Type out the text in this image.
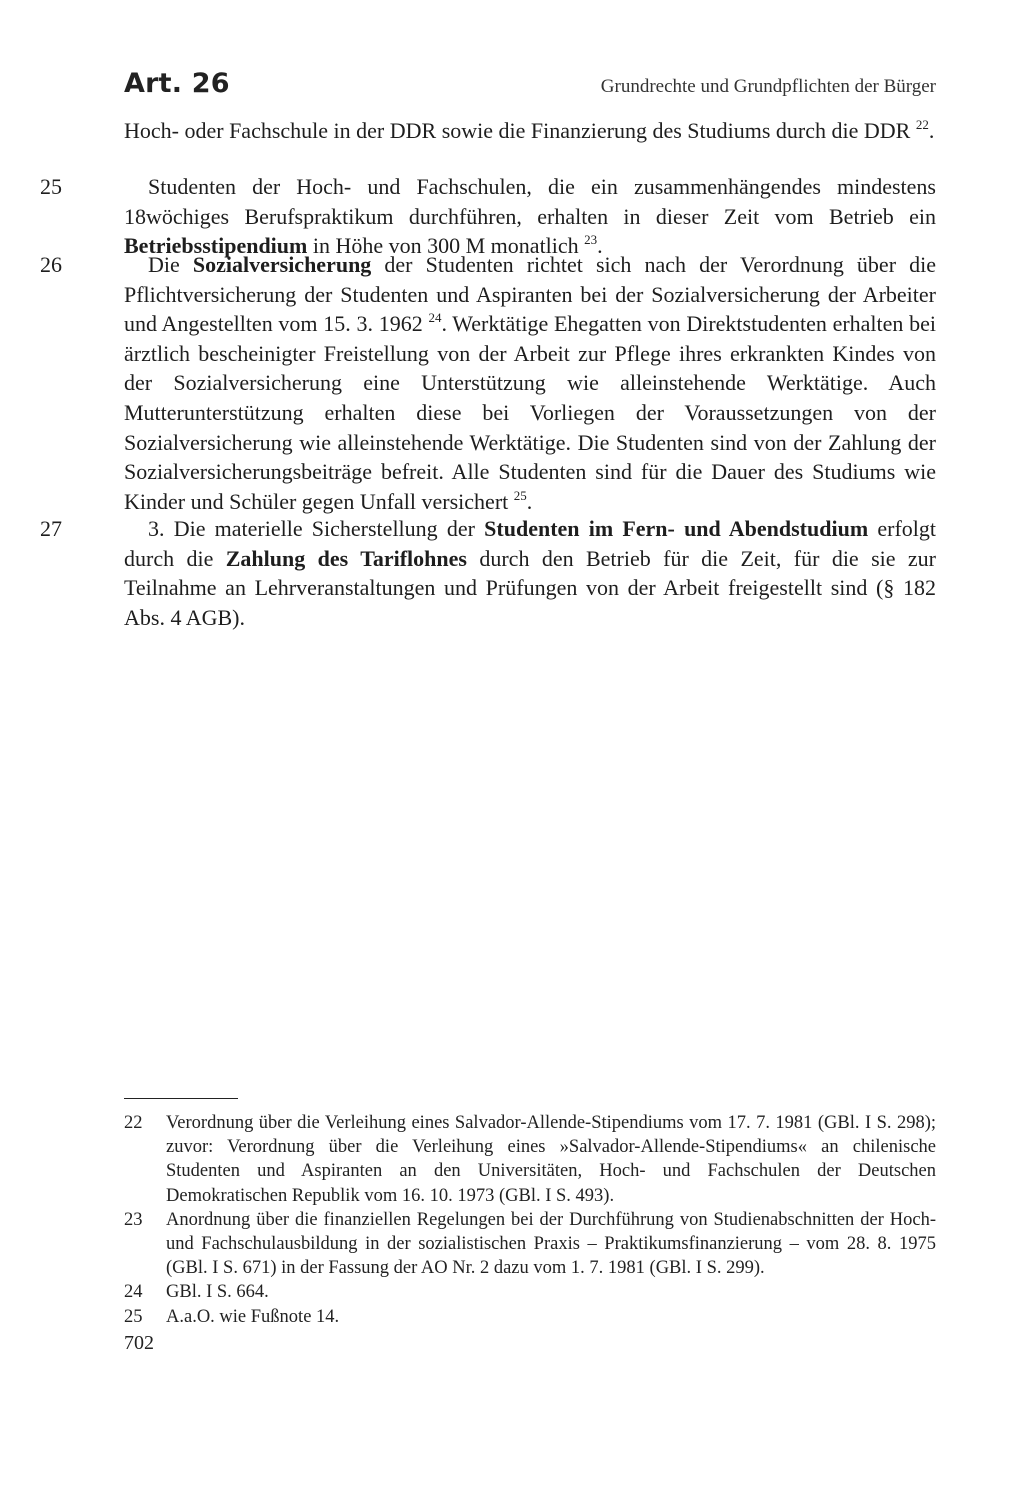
Art. 26	Grundrechte und Grundpflichten der Bürger

Hoch- oder Fachschule in der DDR sowie die Finanzierung des Studiums durch die DDR $^{22}$.

25	Studenten der Hoch- und Fachschulen, die ein zusammenhängendes mindestens 18wöchiges Berufspraktikum durchführen, erhalten in dieser Zeit vom Betrieb ein Betriebsstipendium in Höhe von 300 M monatlich $^{23}$.

26	Die Sozialversicherung der Studenten richtet sich nach der Verordnung über die Pflichtversicherung der Studenten und Aspiranten bei der Sozialversicherung der Arbeiter und Angestellten vom 15. 3. 1962 $^{24}$. Werktätige Ehegatten von Direktstudenten erhalten bei ärztlich bescheinigter Freistellung von der Arbeit zur Pflege ihres erkrankten Kindes von der Sozialversicherung eine Unterstützung wie alleinstehende Werktätige. Auch Mutterunterstützung erhalten diese bei Vorliegen der Voraussetzungen von der Sozialversicherung wie alleinstehende Werktätige. Die Studenten sind von der Zahlung der Sozialversicherungsbeiträge befreit. Alle Studenten sind für die Dauer des Studiums wie Kinder und Schüler gegen Unfall versichert $^{25}$.

27	3. Die materielle Sicherstellung der Studenten im Fern- und Abendstudium erfolgt durch die Zahlung des Tariflohnes durch den Betrieb für die Zeit, für die sie zur Teilnahme an Lehrveranstaltungen und Prüfungen von der Arbeit freigestellt sind (§ 182 Abs. 4 AGB).

22 Verordnung über die Verleihung eines Salvador-Allende-Stipendiums vom 17. 7. 1981 (GBl. I S. 298); zuvor: Verordnung über die Verleihung eines »Salvador-Allende-Stipendiums« an chilenische Studenten und Aspiranten an den Universitäten, Hoch- und Fachschulen der Deutschen Demokratischen Republik vom 16. 10. 1973 (GBl. I S. 493).

23 Anordnung über die finanziellen Regelungen bei der Durchführung von Studienabschnitten der Hoch- und Fachschulausbildung in der sozialistischen Praxis – Praktikumsfinanzierung – vom 28. 8. 1975 (GBl. I S. 671) in der Fassung der AO Nr. 2 dazu vom 1. 7. 1981 (GBl. I S. 299).

24 GBl. I S. 664.

25 A.a.O. wie Fußnote 14.

702
